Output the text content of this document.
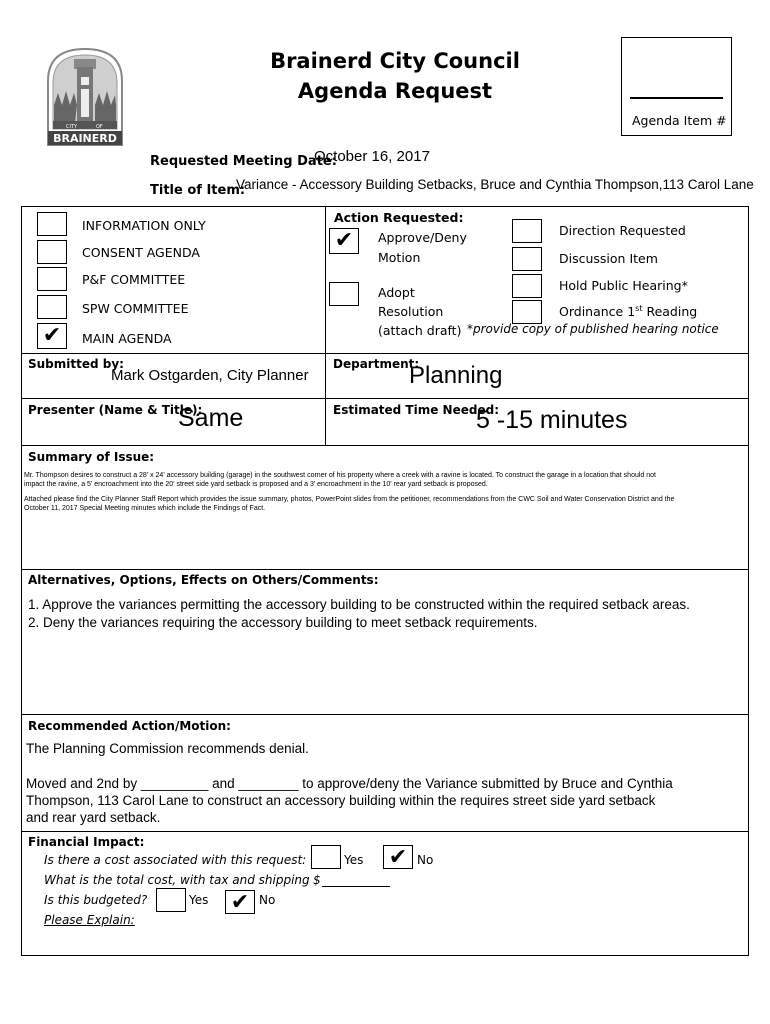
CITY	OF
BRAINERD
Brainerd City Council
Agenda Request
Agenda Item #
Requested Meeting Date:
October 16, 2017
Title of Item:
Variance - Accessory Building Setbacks, Bruce and Cynthia Thompson,113 Carol Lane
INFORMATION ONLY
CONSENT AGENDA
P&F COMMITTEE
SPW COMMITTEE
✔	MAIN AGENDA
Action Requested:
✔	Approve/Deny
Motion
Adopt
Resolution
(attach draft)
Direction Requested
Discussion Item
Hold Public Hearing*
Ordinance 1st Reading
*provide copy of published hearing notice
Submitted by:
Mark Ostgarden, City Planner
Department:
Planning
Presenter (Name & Title):
Same	Estimated Time Needed:
5 -15 minutes
Summary of Issue:
Mr. Thompson desires to construct a 28' x 24' accessory building (garage) in the southwest corner of his property where a creek with a ravine is located. To construct the garage in a location that should not
impact the ravine, a 5' encroachment into the 20' street side yard setback is proposed and a 3' encroachment in the 10' rear yard setback is proposed.
Attached please find the City Planner Staff Report which provides the issue summary, photos, PowerPoint slides from the petitioner, recommendations from the CWC Soil and Water Conservation District and the
October 11, 2017 Special Meeting minutes which include the Findings of Fact.
Alternatives, Options, Effects on Others/Comments:
1. Approve the variances permitting the accessory building to be constructed within the required setback areas.
2. Deny the variances requiring the accessory building to meet setback requirements.
Recommended Action/Motion:
The Planning Commission recommends denial.
Moved and 2nd by _________ and ________ to approve/deny the Variance submitted by Bruce and Cynthia
Thompson, 113 Carol Lane to construct an accessory building within the requires street side yard setback
and rear yard setback.
Financial Impact:
Is there a cost associated with this request:	Yes ✔ No
What is the total cost, with tax and shipping $
Is this budgeted?	Yes ✔ No
Please Explain:
